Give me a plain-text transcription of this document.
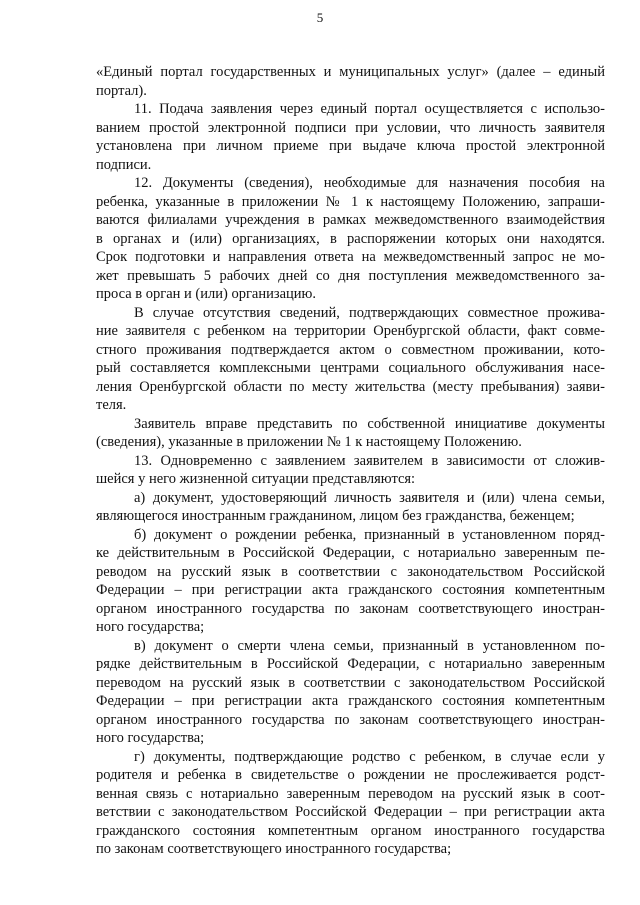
5
«Единый портал государственных и муниципальных услуг» (далее – единый
портал).
11. Подача заявления через единый портал осуществляется с использо-
ванием простой электронной подписи при условии, что личность заявителя
установлена при личном приеме при выдаче ключа простой электронной
подписи.
12. Документы (сведения), необходимые для назначения пособия на
ребенка, указанные в приложении № 1 к настоящему Положению, запраши-
ваются филиалами учреждения в рамках межведомственного взаимодействия
в органах и (или) организациях, в распоряжении которых они находятся.
Срок подготовки и направления ответа на межведомственный запрос не мо-
жет превышать 5 рабочих дней со дня поступления межведомственного за-
проса в орган и (или) организацию.
В случае отсутствия сведений, подтверждающих совместное прожива-
ние заявителя с ребенком на территории Оренбургской области, факт совме-
стного проживания подтверждается актом о совместном проживании, кото-
рый составляется комплексными центрами социального обслуживания насе-
ления Оренбургской области по месту жительства (месту пребывания) заяви-
теля.
Заявитель вправе представить по собственной инициативе документы
(сведения), указанные в приложении № 1 к настоящему Положению.
13. Одновременно с заявлением заявителем в зависимости от сложив-
шейся у него жизненной ситуации представляются:
а) документ, удостоверяющий личность заявителя и (или) члена семьи,
являющегося иностранным гражданином, лицом без гражданства, беженцем;
б) документ о рождении ребенка, признанный в установленном поряд-
ке действительным в Российской Федерации, с нотариально заверенным пе-
реводом на русский язык в соответствии с законодательством Российской
Федерации – при регистрации акта гражданского состояния компетентным
органом иностранного государства по законам соответствующего иностран-
ного государства;
в) документ о смерти члена семьи, признанный в установленном по-
рядке действительным в Российской Федерации, с нотариально заверенным
переводом на русский язык в соответствии с законодательством Российской
Федерации – при регистрации акта гражданского состояния компетентным
органом иностранного государства по законам соответствующего иностран-
ного государства;
г) документы, подтверждающие родство с ребенком, в случае если у
родителя и ребенка в свидетельстве о рождении не прослеживается родст-
венная связь с нотариально заверенным переводом на русский язык в соот-
ветствии с законодательством Российской Федерации – при регистрации акта
гражданского состояния компетентным органом иностранного государства
по законам соответствующего иностранного государства;
